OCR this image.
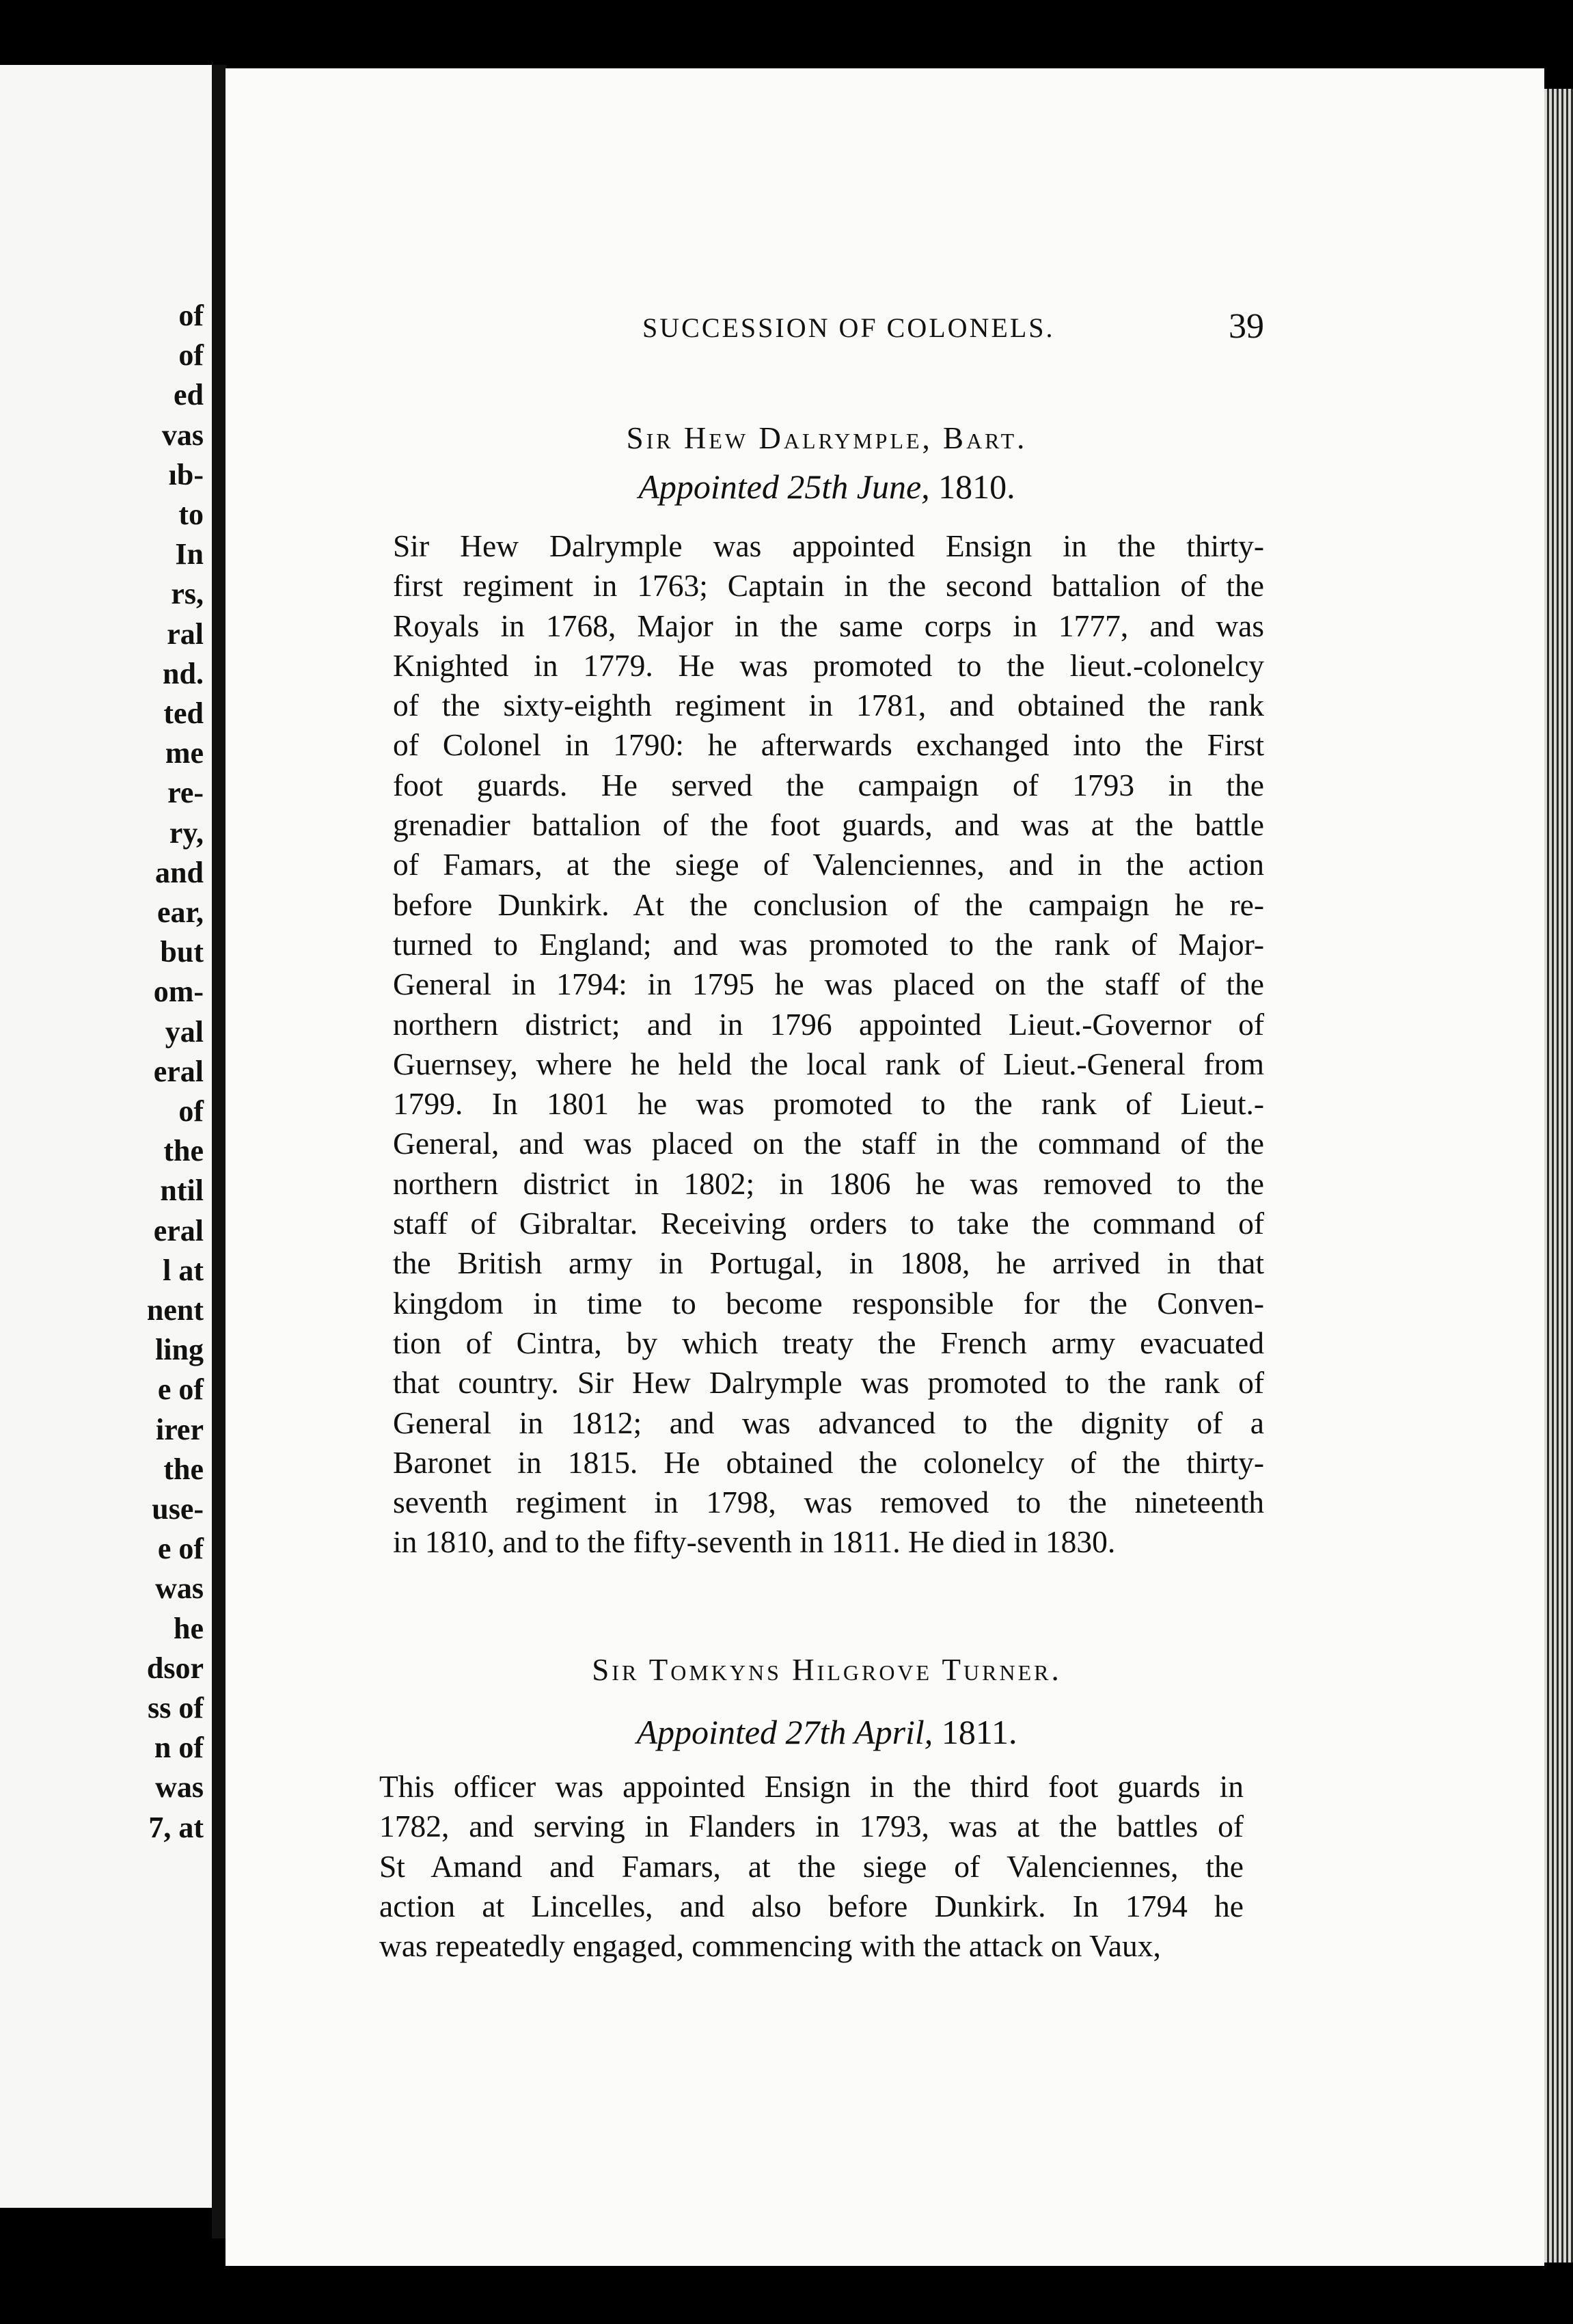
of
of
ed
vas
ıb-
to
In
rs,
ral
nd.
ted
me
re-
ry,
and
ear,
but
om-
yal
eral
of
the
ntil
eral
l at
nent
ling
e of
irer
the
use-
e of
was
he
dsor
ss of
n of
was
7, at
SUCCESSION OF COLONELS.	39
Sir Hew Dalrymple, Bart.
Appointed 25th June, 1810.
Sir Hew Dalrymple was appointed Ensign in the thirty-
first regiment in 1763; Captain in the second battalion of the
Royals in 1768, Major in the same corps in 1777, and was
Knighted in 1779. He was promoted to the lieut.-colonelcy
of the sixty-eighth regiment in 1781, and obtained the rank
of Colonel in 1790: he afterwards exchanged into the First
foot guards. He served the campaign of 1793 in the
grenadier battalion of the foot guards, and was at the battle
of Famars, at the siege of Valenciennes, and in the action
before Dunkirk. At the conclusion of the campaign he re-
turned to England; and was promoted to the rank of Major-
General in 1794: in 1795 he was placed on the staff of the
northern district; and in 1796 appointed Lieut.-Governor of
Guernsey, where he held the local rank of Lieut.-General from
1799. In 1801 he was promoted to the rank of Lieut.-
General, and was placed on the staff in the command of the
northern district in 1802; in 1806 he was removed to the
staff of Gibraltar. Receiving orders to take the command of
the British army in Portugal, in 1808, he arrived in that
kingdom in time to become responsible for the Conven-
tion of Cintra, by which treaty the French army evacuated
that country. Sir Hew Dalrymple was promoted to the rank of
General in 1812; and was advanced to the dignity of a
Baronet in 1815. He obtained the colonelcy of the thirty-
seventh regiment in 1798, was removed to the nineteenth
in 1810, and to the fifty-seventh in 1811. He died in 1830.
Sir Tomkyns Hilgrove Turner.
Appointed 27th April, 1811.
This officer was appointed Ensign in the third foot guards in
1782, and serving in Flanders in 1793, was at the battles of
St Amand and Famars, at the siege of Valenciennes, the
action at Lincelles, and also before Dunkirk. In 1794 he
was repeatedly engaged, commencing with the attack on Vaux,
